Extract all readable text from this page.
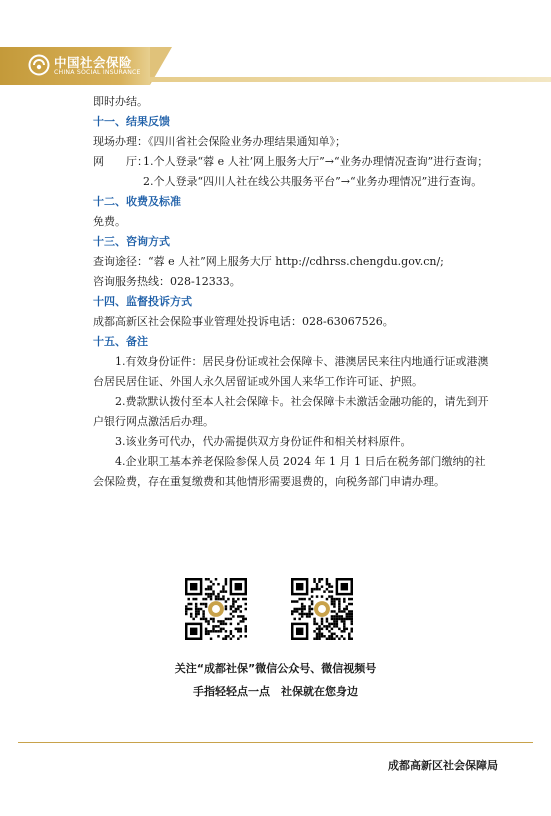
中国社会保险
CHINA SOCIAL INSURANCE
即时办结。
十一、结果反馈
现场办理：《四川省社会保险业务办理结果通知单》；
网　　厅：
1.个人登录“蓉 e 人社’网上服务大厅”→“业务办理情况查询”进行查询；

2.个人登录“四川人社在线公共服务平台”→“业务办理情况”进行查询。
十二、收费及标准
免费。
十三、咨询方式
查询途径：“蓉 e 人社”网上服务大厅 http://cdhrss.chengdu.gov.cn/;
咨询服务热线：028-12333。
十四、监督投诉方式
成都高新区社会保险事业管理处投诉电话：028-63067526。
十五、备注
1.有效身份证件：居民身份证或社会保障卡、港澳居民来往内地通行证或港澳台居民居住证、外国人永久居留证或外国人来华工作许可证、护照。
2.费款默认拨付至本人社会保障卡。社会保障卡未激活金融功能的，请先到开户银行网点激活后办理。
3.该业务可代办，代办需提供双方身份证件和相关材料原件。
4.企业职工基本养老保险参保人员 2024 年 1 月 1 日后在税务部门缴纳的社会保险费，存在重复缴费和其他情形需要退费的，向税务部门申请办理。
关注“成都社保”微信公众号、微信视频号
手指轻轻点一点　社保就在您身边
成都高新区社会保障局
